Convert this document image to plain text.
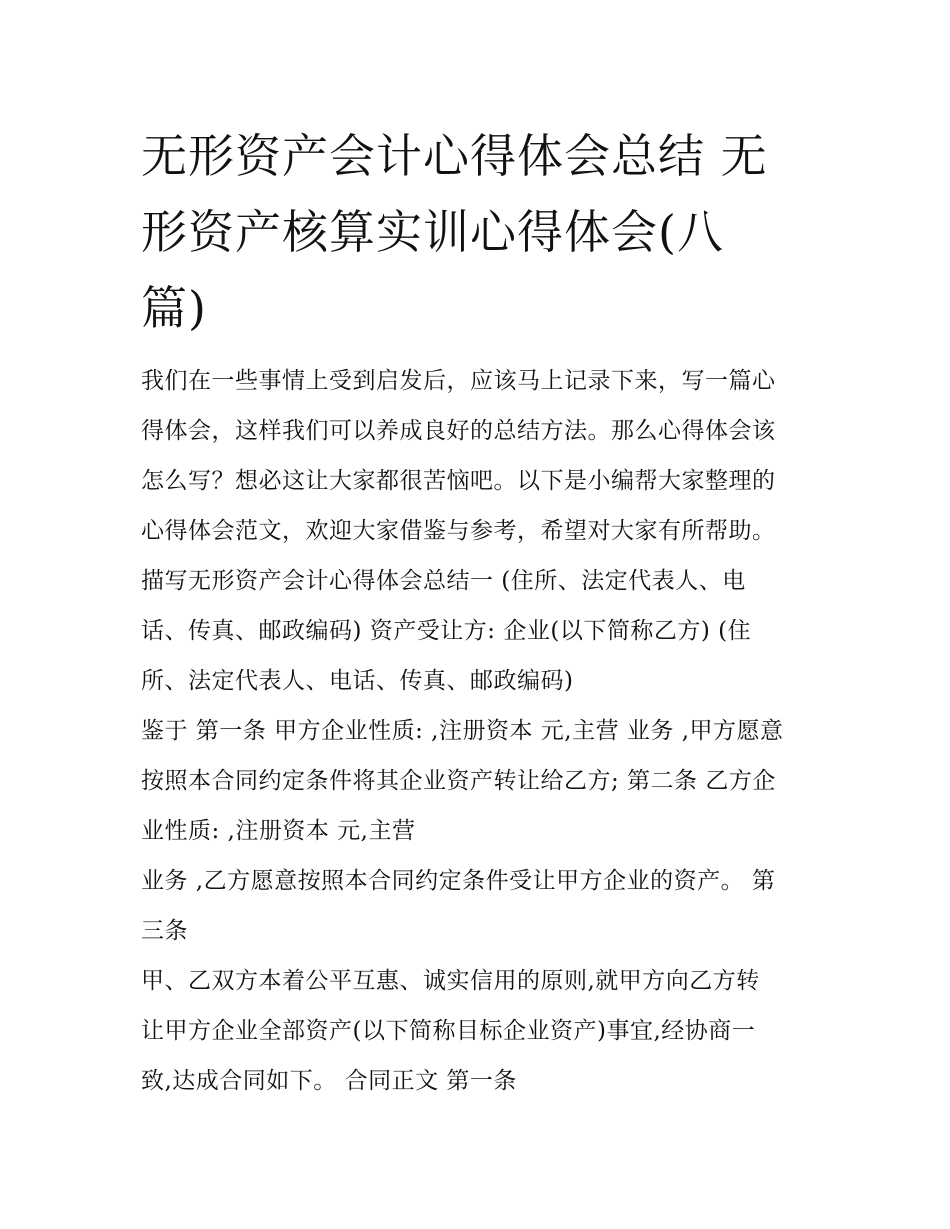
无形资产会计心得体会总结 无
形资产核算实训心得体会(八
篇)

我们在一些事情上受到启发后，应该马上记录下来，写一篇心
得体会，这样我们可以养成良好的总结方法。那么心得体会该
怎么写？想必这让大家都很苦恼吧。以下是小编帮大家整理的
心得体会范文，欢迎大家借鉴与参考，希望对大家有所帮助。

描写无形资产会计心得体会总结一 (住所、法定代表人、电
话、传真、邮政编码) 资产受让方: 企业(以下简称乙方) (住
所、法定代表人、电话、传真、邮政编码)

鉴于 第一条 甲方企业性质: ,注册资本 元,主营 业务 ,甲方愿意
按照本合同约定条件将其企业资产转让给乙方; 第二条 乙方企
业性质: ,注册资本 元,主营

业务 ,乙方愿意按照本合同约定条件受让甲方企业的资产。 第
三条

甲、乙双方本着公平互惠、诚实信用的原则,就甲方向乙方转
让甲方企业全部资产(以下简称目标企业资产)事宜,经协商一
致,达成合同如下。 合同正文 第一条
